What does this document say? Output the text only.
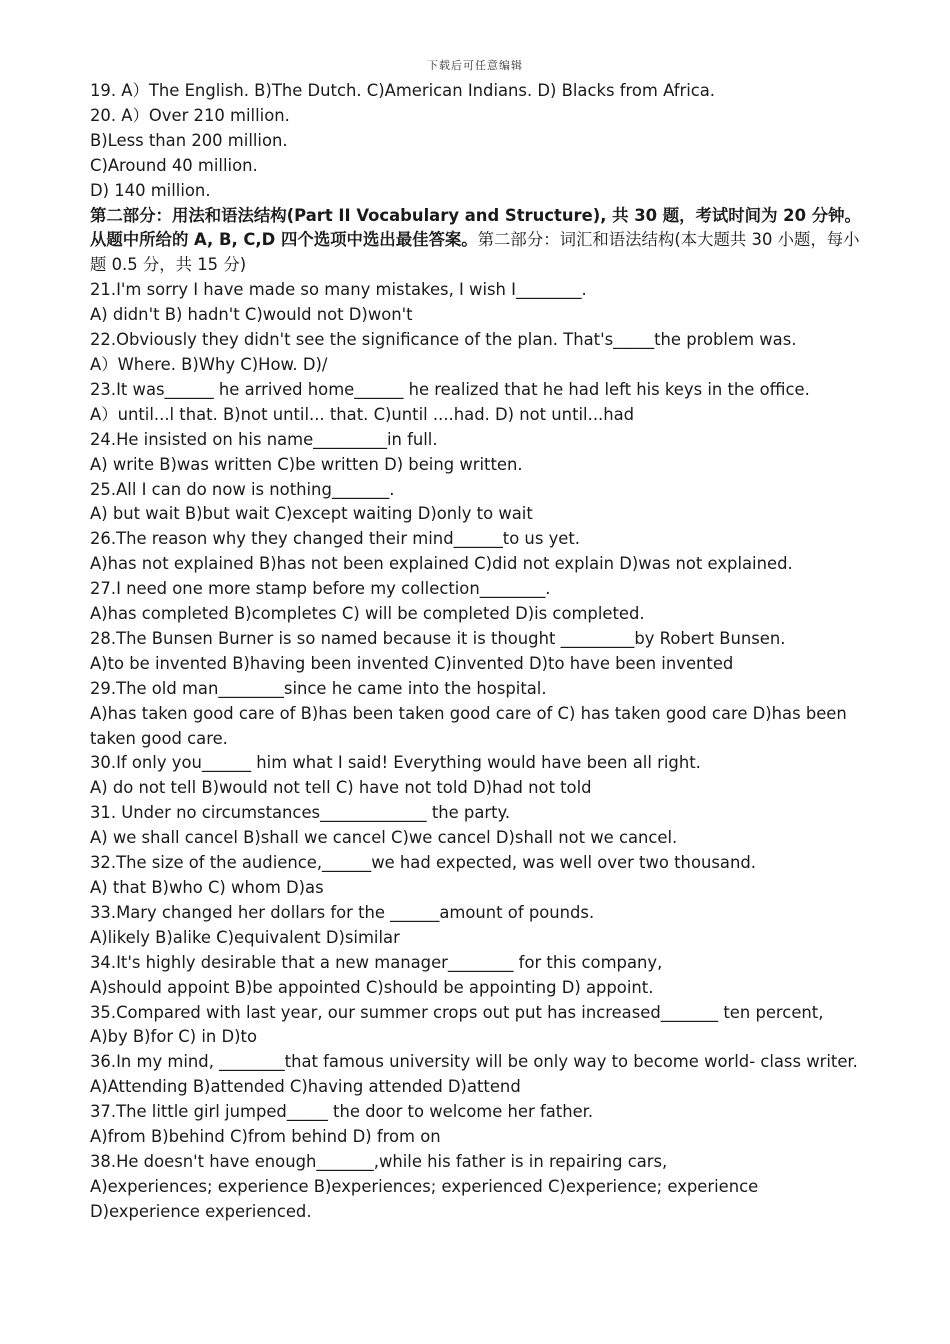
下载后可任意编辑
19. A）The English. B)The Dutch. C)American Indians. D) Blacks from Africa.
20. A）Over 210 million.
B)Less than 200 million.
C)Around 40 million.
D) 140 million.
第二部分：用法和语法结构(Part II Vocabulary and Structure), 共 30 题，考试时间为 20 分钟。从题中所给的 A, B, C,D 四个选项中选出最佳答案。第二部分：词汇和语法结构(本大题共 30 小题，每小题 0.5 分，共 15 分)
21.I'm sorry I have made so many mistakes, I wish I________.
A) didn't B) hadn't C)would not D)won't
22.Obviously they didn't see the significance of the plan. That's_____the problem was.
A）Where. B)Why C)How. D)/
23.It was______ he arrived home______ he realized that he had left his keys in the office.
A）until...l that. B)not until... that. C)until ....had. D) not until...had
24.He insisted on his name_________in full.
A) write B)was written C)be written D) being written.
25.All I can do now is nothing_______.
A) but wait B)but wait C)except waiting D)only to wait
26.The reason why they changed their mind______to us yet.
A)has not explained B)has not been explained C)did not explain D)was not explained.
27.I need one more stamp before my collection________.
A)has completed B)completes C) will be completed D)is completed.
28.The Bunsen Burner is so named because it is thought _________by Robert Bunsen.
A)to be invented B)having been invented C)invented D)to have been invented
29.The old man________since he came into the hospital.
A)has taken good care of B)has been taken good care of C) has taken good care D)has been taken good care.
30.If only you______ him what I said! Everything would have been all right.
A) do not tell B)would not tell C) have not told D)had not told
31. Under no circumstances_____________ the party.
A) we shall cancel B)shall we cancel C)we cancel D)shall not we cancel.
32.The size of the audience,______we had expected, was well over two thousand.
A) that B)who C) whom D)as
33.Mary changed her dollars for the ______amount of pounds.
A)likely B)alike C)equivalent D)similar
34.It's highly desirable that a new manager________ for this company,
A)should appoint B)be appointed C)should be appointing D) appoint.
35.Compared with last year, our summer crops out put has increased_______ ten percent,
A)by B)for C) in D)to
36.In my mind, ________that famous university will be only way to become world- class writer.
A)Attending B)attended C)having attended D)attend
37.The little girl jumped_____ the door to welcome her father.
A)from B)behind C)from behind D) from on
38.He doesn't have enough_______,while his father is in repairing cars,
A)experiences; experience B)experiences; experienced C)experience; experience D)experience experienced.
